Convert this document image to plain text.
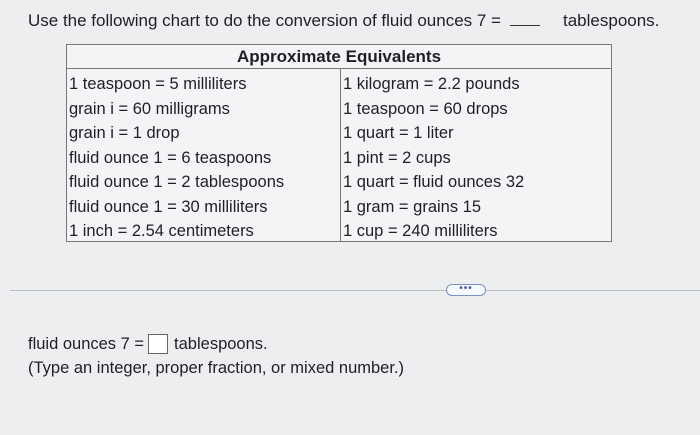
Use the following chart to do the conversion of fluid ounces 7 =	tablespoons.
Approximate Equivalents
1 teaspoon = 5 milliliters
grain i = 60 milligrams
grain i = 1 drop
fluid ounce 1 = 6 teaspoons
fluid ounce 1 = 2 tablespoons
fluid ounce 1 = 30 milliliters
1 inch = 2.54 centimeters
1 kilogram = 2.2 pounds
1 teaspoon = 60 drops
1 quart = 1 liter
1 pint = 2 cups
1 quart = fluid ounces 32
1 gram = grains 15
1 cup = 240 milliliters
•••
fluid ounces 7 = tablespoons.
(Type an integer, proper fraction, or mixed number.)
